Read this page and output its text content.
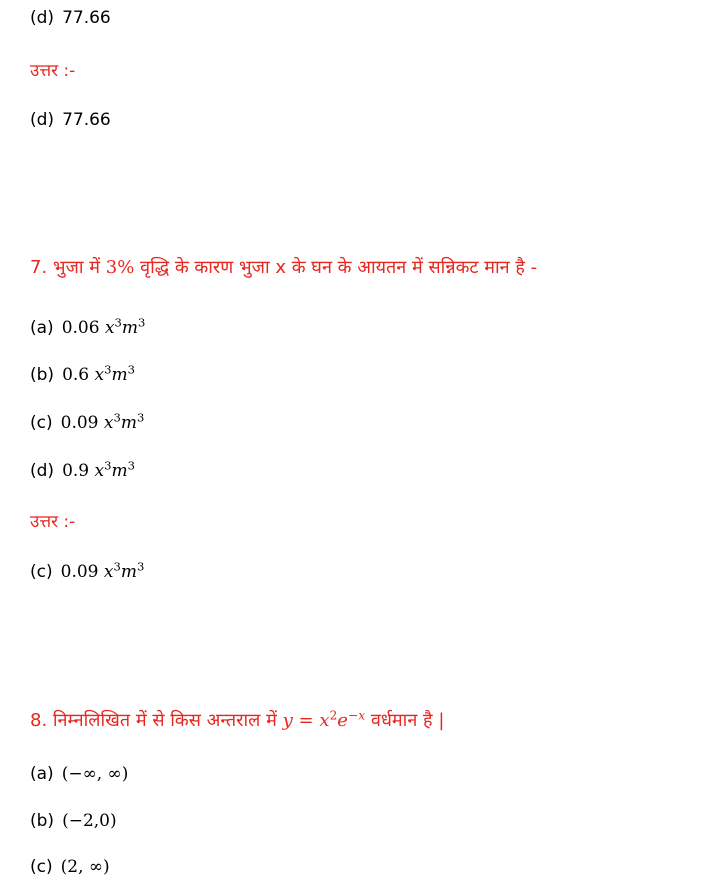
(d) 77.66
उत्तर :-
(d) 77.66
7. भुजा में 3% वृद्धि के कारण भुजा x के घन के आयतन में सन्निकट मान है -
(a) 0.06 $x^3m^3$
(b) 0.6 $x^3m^3$
(c) 0.09 $x^3m^3$
(d) 0.9 $x^3m^3$
उत्तर :-
(c) 0.09 $x^3m^3$
8. निम्नलिखित में से किस अन्तराल में $y = x^2e^{-x}$ वर्धमान है |
(a) (−∞, ∞)
(b) (−2,0)
(c) (2, ∞)
